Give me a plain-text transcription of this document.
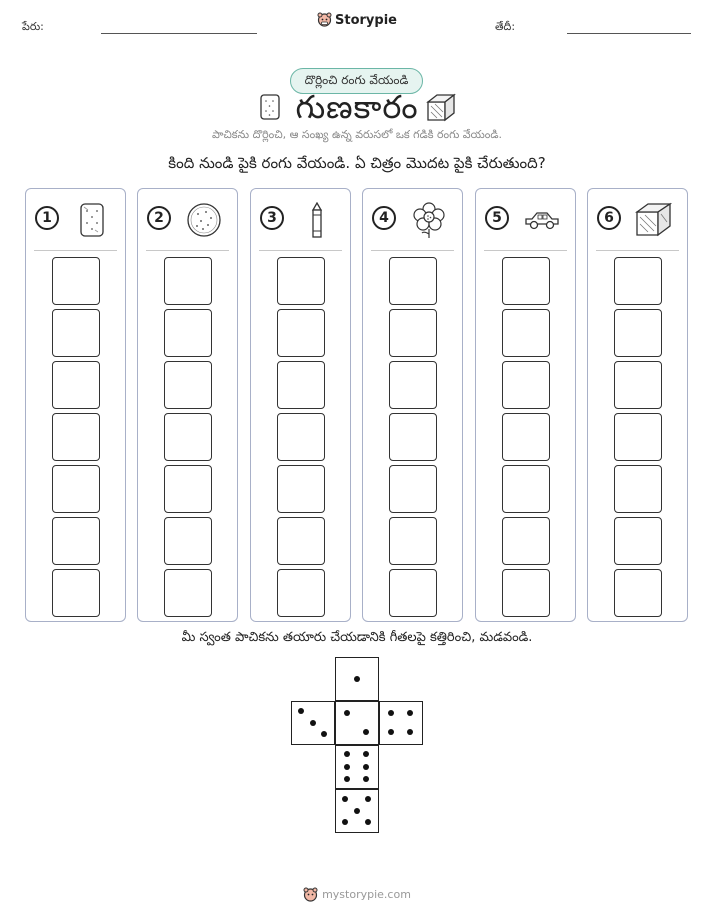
పేరు:	Storypie	తేదీ:
దొర్లించి రంగు వేయండి
గుణకారం
పాచికను దొర్లించి, ఆ సంఖ్య ఉన్న వరుసలో ఒక గడికి రంగు వేయండి.
కింది నుండి పైకి రంగు వేయండి. ఏ చిత్రం మొదట పైకి చేరుతుంది?
1	2	3	4	5	6
మీ స్వంత పాచికను తయారు చేయడానికి గీతలపై కత్తిరించి, మడవండి.
mystorypie.com
